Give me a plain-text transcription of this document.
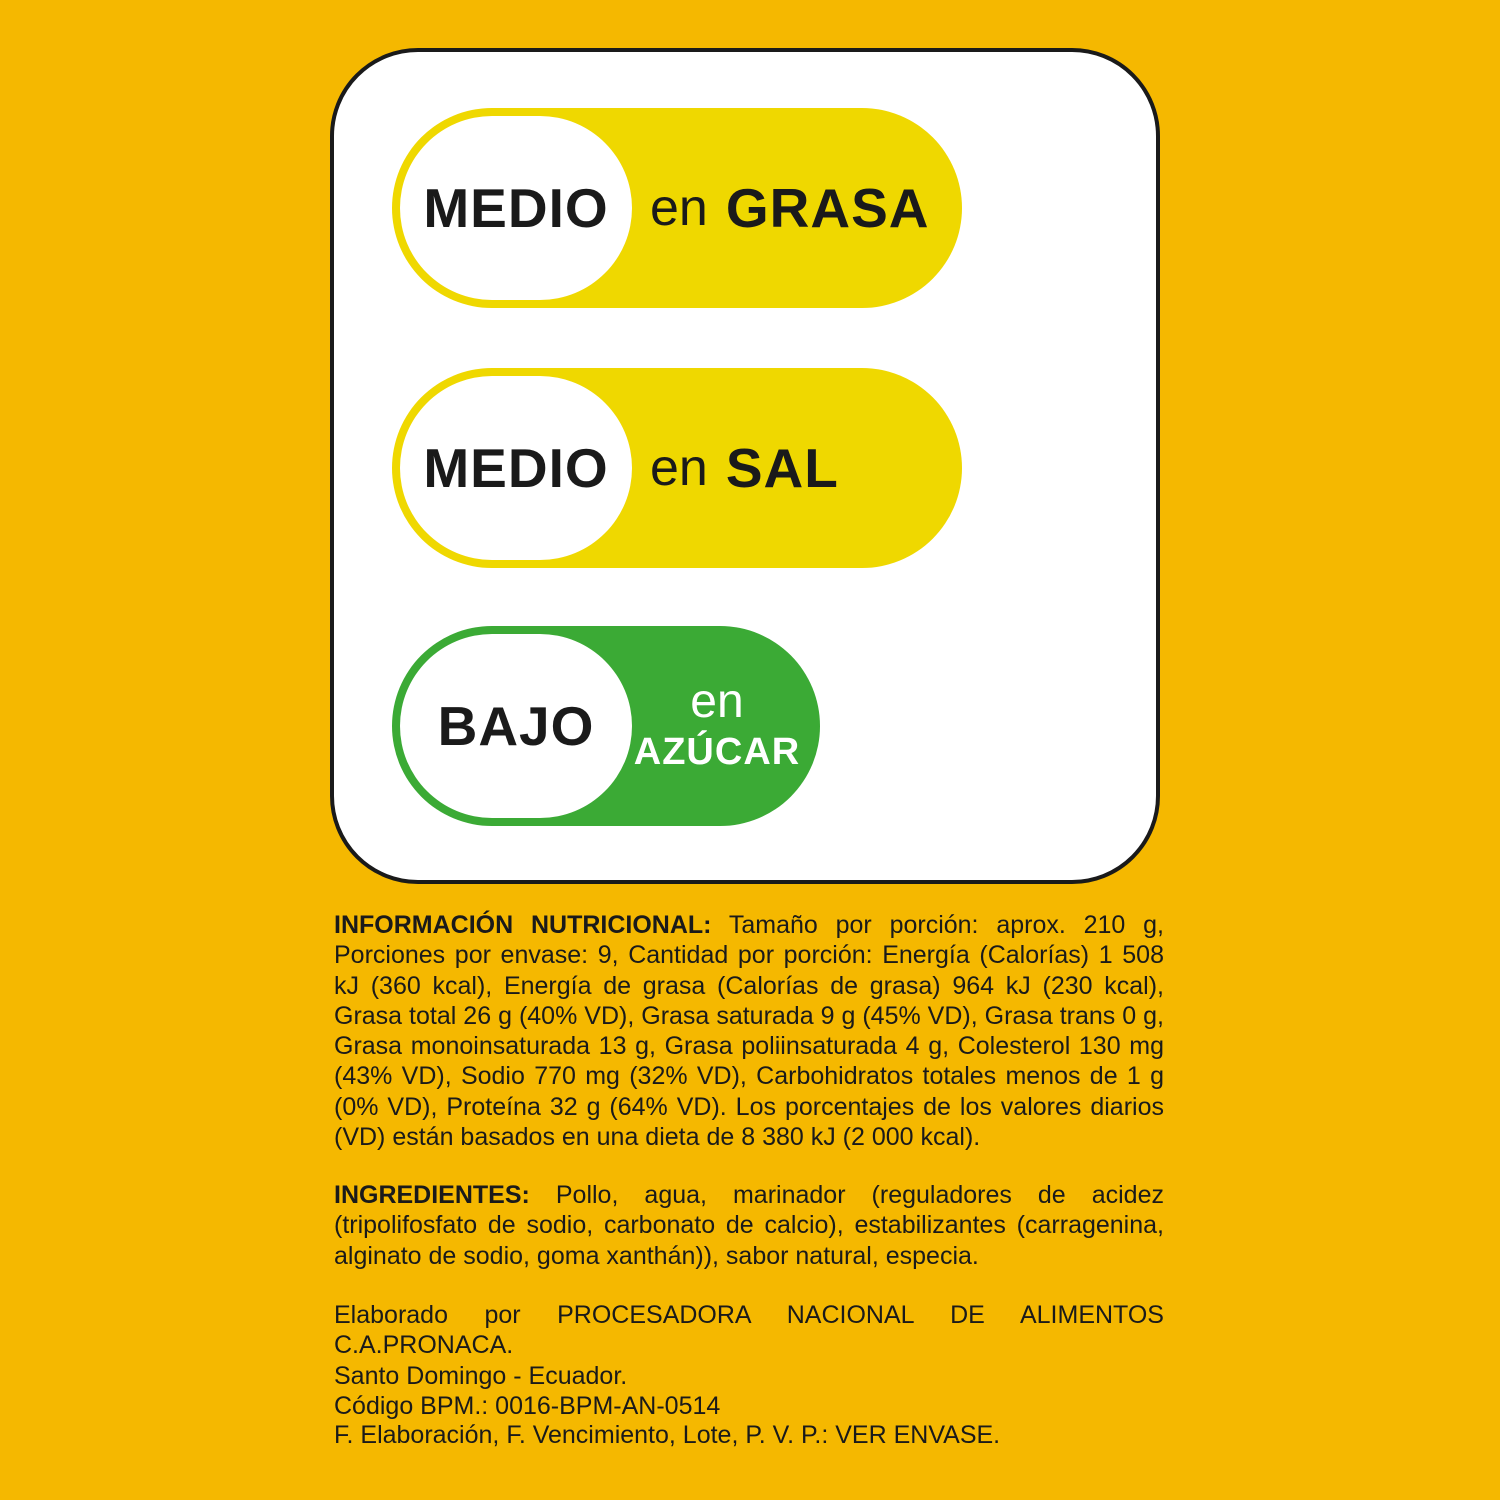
MEDIO en GRASA
MEDIO en SAL
BAJO	en
AZÚCAR
INFORMACIÓN NUTRICIONAL: Tamaño por porción: aprox. 210 g, Porciones por envase: 9, Cantidad por porción: Energía (Calorías) 1 508 kJ (360 kcal), Energía de grasa (Calorías de grasa) 964 kJ (230 kcal), Grasa total 26 g (40% VD), Grasa saturada 9 g (45% VD), Grasa trans 0 g, Grasa monoinsaturada 13 g, Grasa poliinsaturada 4 g, Colesterol 130 mg (43% VD), Sodio 770 mg (32% VD), Carbohidratos totales menos de 1 g (0% VD), Proteína 32 g (64% VD). Los porcentajes de los valores diarios (VD) están basados en una dieta de 8 380 kJ (2 000 kcal).
INGREDIENTES: Pollo, agua, marinador (reguladores de acidez (tripolifosfato de sodio, carbonato de calcio), estabilizantes (carragenina, alginato de sodio, goma xanthán)), sabor natural, especia.
Elaborado por PROCESADORA NACIONAL DE ALIMENTOS C.A.PRONACA.
Santo Domingo - Ecuador.
Código BPM.: 0016-BPM-AN-0514
F. Elaboración, F. Vencimiento, Lote, P. V. P.: VER ENVASE.
